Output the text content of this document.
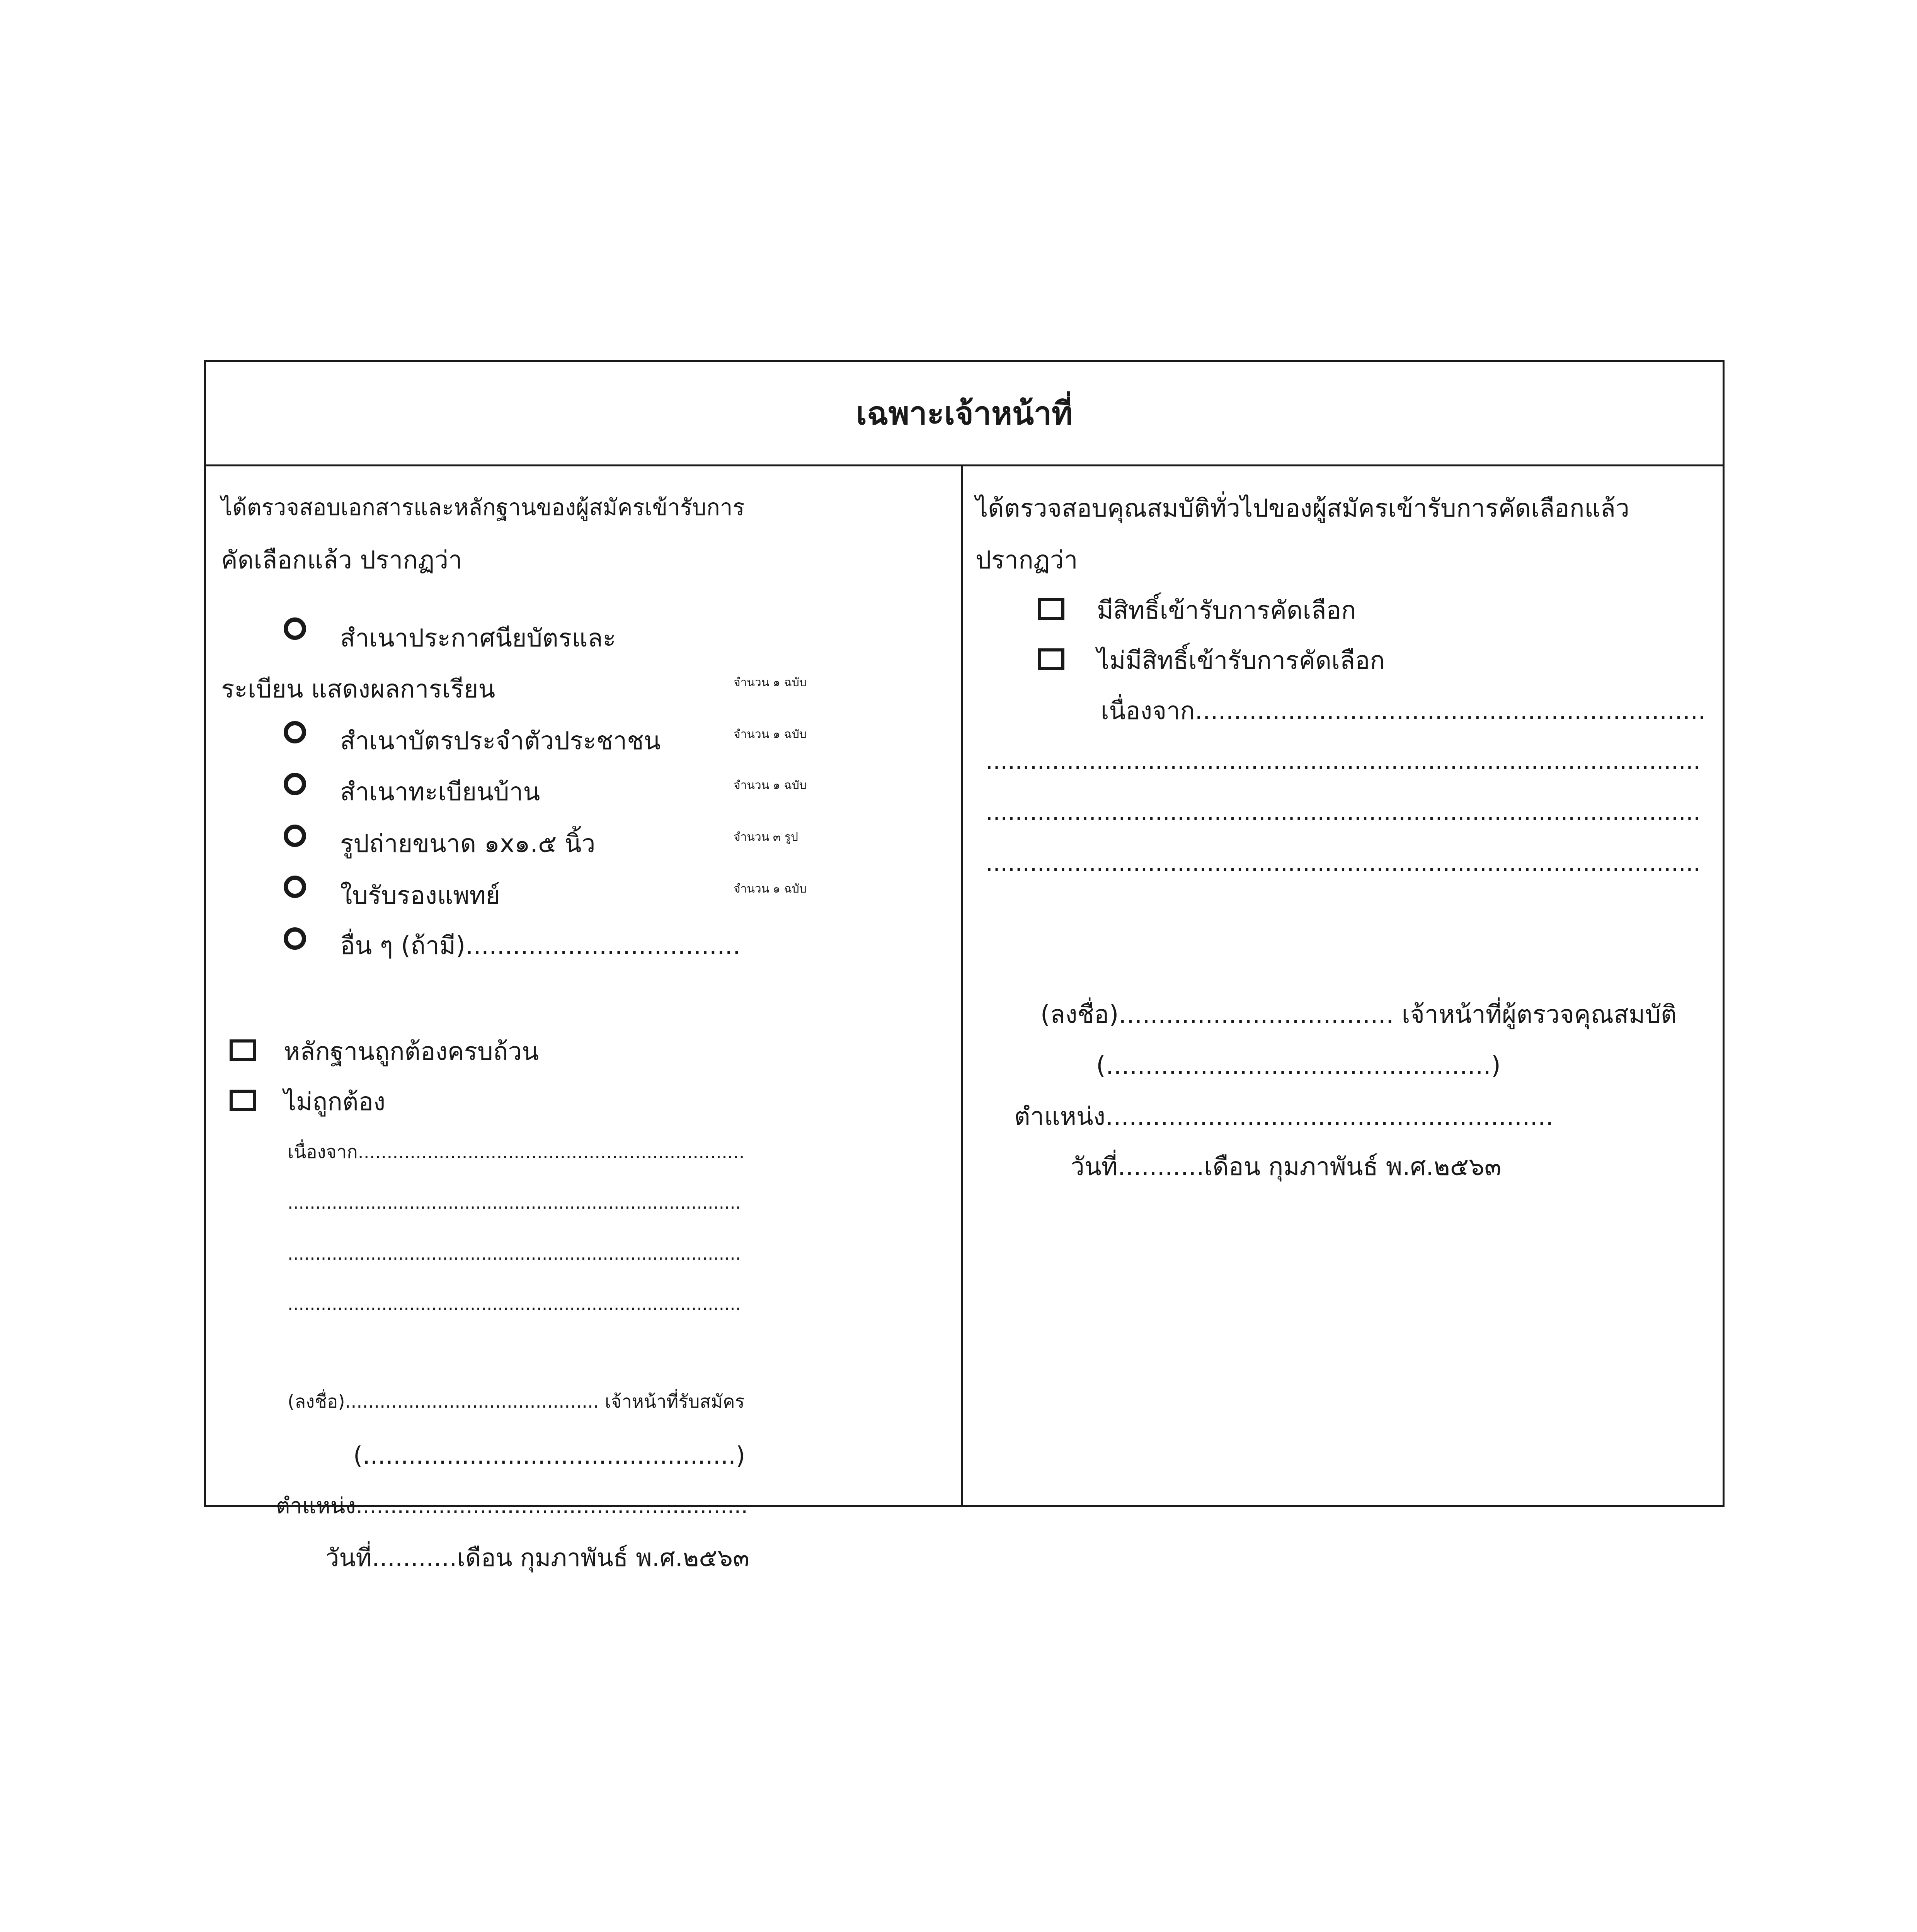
เฉพาะเจ้าหน้าที่
ได้ตรวจสอบเอกสารและหลักฐานของผู้สมัครเข้ารับการ
คัดเลือกแล้ว ปรากฏว่า
สำเนาประกาศนียบัตรและ
ระเบียน แสดงผลการเรียน	จำนวน ๑ ฉบับ
สำเนาบัตรประจำตัวประชาชน	จำนวน ๑ ฉบับ
สำเนาทะเบียนบ้าน	จำนวน ๑ ฉบับ
รูปถ่ายขนาด ๑x๑.๕ นิ้ว	จำนวน ๓ รูป
ใบรับรองแพทย์	จำนวน ๑ ฉบับ
อื่น ๆ (ถ้ามี)...................................
หลักฐานถูกต้องครบถ้วน
ไม่ถูกต้อง
เนื่องจาก...................................................................
..................................................................................
..................................................................................
..................................................................................
(ลงชื่อ)............................................ เจ้าหน้าที่รับสมัคร
(.................................................)
ตำแหน่ง.........................................................
วันที่...........เดือน กุมภาพันธ์ พ.ศ.๒๕๖๓
ได้ตรวจสอบคุณสมบัติทั่วไปของผู้สมัครเข้ารับการคัดเลือกแล้ว
ปรากฏว่า
มีสิทธิ์เข้ารับการคัดเลือก
ไม่มีสิทธิ์เข้ารับการคัดเลือก
เนื่องจาก..................................................................
.................................................................................................
.................................................................................................
.................................................................................................
(ลงชื่อ)................................... เจ้าหน้าที่ผู้ตรวจคุณสมบัติ
(.................................................)
ตำแหน่ง.........................................................
วันที่...........เดือน กุมภาพันธ์ พ.ศ.๒๕๖๓
